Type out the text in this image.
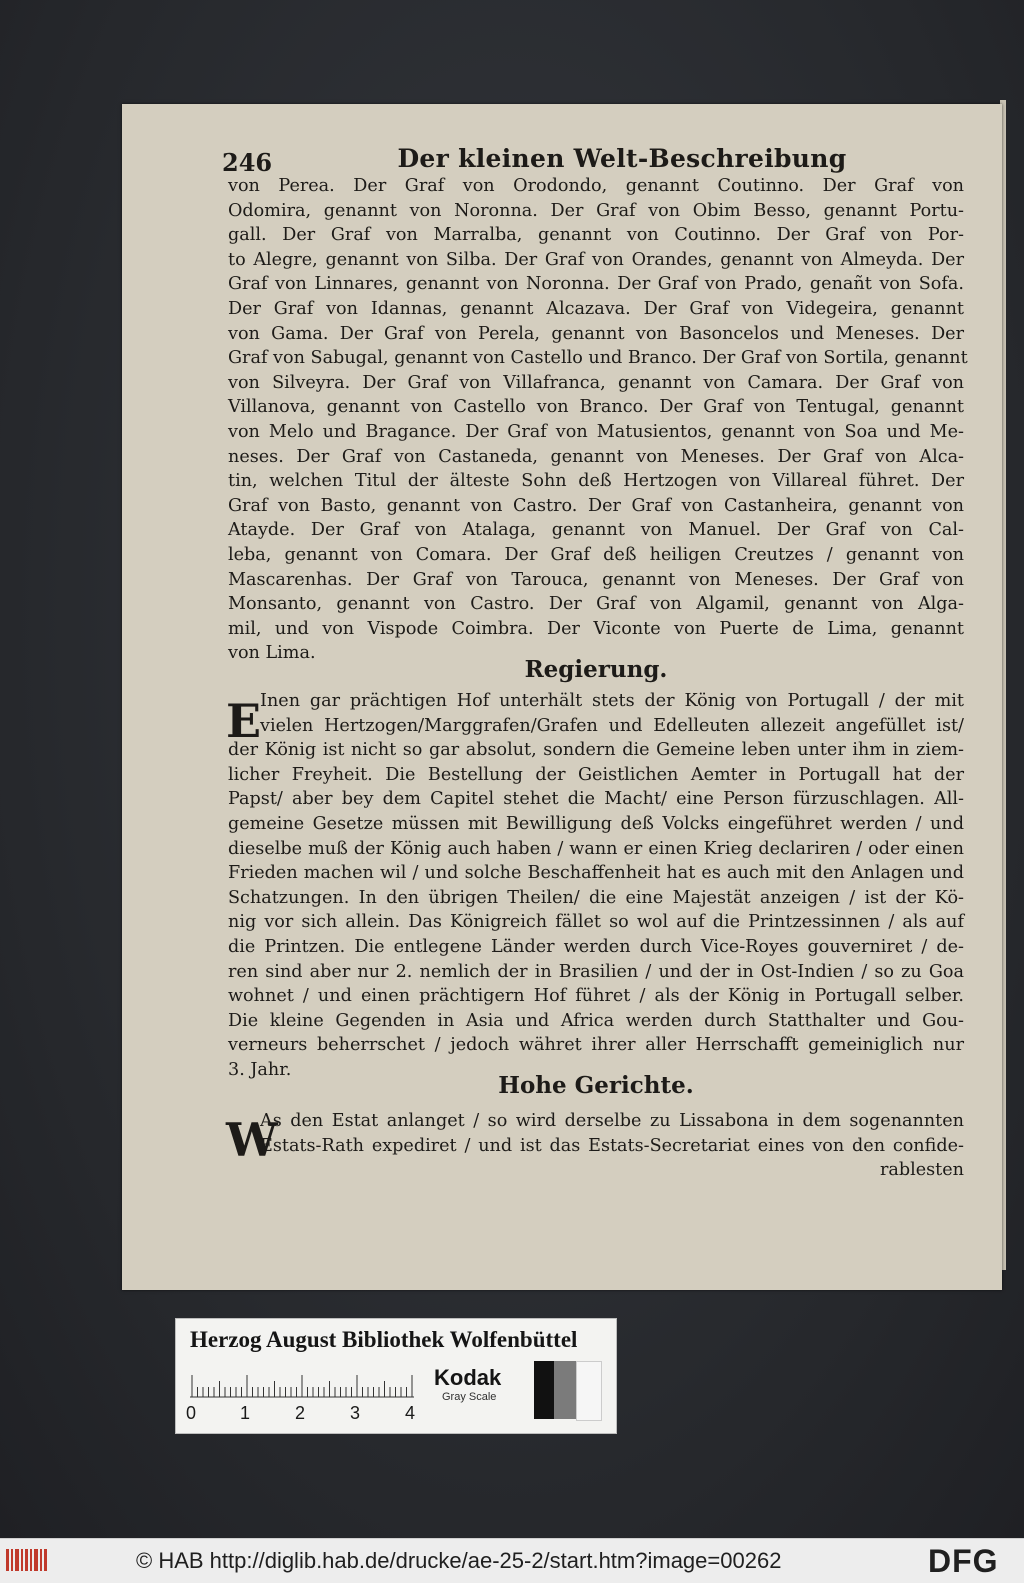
246	Der kleinen Welt-Beschreibung
von Perea. Der Graf von Orodondo, genannt Coutinno. Der Graf von
Odomira, genannt von Noronna. Der Graf von Obim Besso, genannt Portu-
gall. Der Graf von Marralba, genannt von Coutinno. Der Graf von Por-
to Alegre, genannt von Silba. Der Graf von Orandes, genannt von Almeyda. Der
Graf von Linnares, genannt von Noronna. Der Graf von Prado, genañt von Sofa.
Der Graf von Idannas, genannt Alcazava. Der Graf von Videgeira, genannt
von Gama. Der Graf von Perela, genannt von Basoncelos und Meneses. Der
Graf von Sabugal, genannt von Castello und Branco. Der Graf von Sortila, genannt
von Silveyra. Der Graf von Villafranca, genannt von Camara. Der Graf von
Villanova, genannt von Castello von Branco. Der Graf von Tentugal, genannt
von Melo und Bragance. Der Graf von Matusientos, genannt von Soa und Me-
neses. Der Graf von Castaneda, genannt von Meneses. Der Graf von Alca-
tin, welchen Titul der älteste Sohn deß Hertzogen von Villareal führet. Der
Graf von Basto, genannt von Castro. Der Graf von Castanheira, genannt von
Atayde. Der Graf von Atalaga, genannt von Manuel. Der Graf von Cal-
leba, genannt von Comara. Der Graf deß heiligen Creutzes / genannt von
Mascarenhas. Der Graf von Tarouca, genannt von Meneses. Der Graf von
Monsanto, genannt von Castro. Der Graf von Algamil, genannt von Alga-
mil, und von Vispode Coimbra. Der Viconte von Puerte de Lima, genannt
von Lima.
Regierung.
E
Inen gar prächtigen Hof unterhält stets der König von Portugall / der mit
vielen Hertzogen/Marggrafen/Grafen und Edelleuten allezeit angefüllet ist/
der König ist nicht so gar absolut, sondern die Gemeine leben unter ihm in ziem-
licher Freyheit. Die Bestellung der Geistlichen Aemter in Portugall hat der
Papst/ aber bey dem Capitel stehet die Macht/ eine Person fürzuschlagen. All-
gemeine Gesetze müssen mit Bewilligung deß Volcks eingeführet werden / und
dieselbe muß der König auch haben / wann er einen Krieg declariren / oder einen
Frieden machen wil / und solche Beschaffenheit hat es auch mit den Anlagen und
Schatzungen. In den übrigen Theilen/ die eine Majestät anzeigen / ist der Kö-
nig vor sich allein. Das Königreich fället so wol auf die Printzessinnen / als auf
die Printzen. Die entlegene Länder werden durch Vice-Royes gouverniret / de-
ren sind aber nur 2. nemlich der in Brasilien / und der in Ost-Indien / so zu Goa
wohnet / und einen prächtigern Hof führet / als der König in Portugall selber.
Die kleine Gegenden in Asia und Africa werden durch Statthalter und Gou-
verneurs beherrschet / jedoch währet ihrer aller Herrschafft gemeiniglich nur
3. Jahr.
Hohe Gerichte.
W
As den Estat anlanget / so wird derselbe zu Lissabona in dem sogenannten
Estats-Rath expediret / und ist das Estats-Secretariat eines von den confide-
rablesten
Herzog August Bibliothek Wolfenbüttel
0 1 2 3 4
Kodak
Gray Scale
© HAB http://diglib.hab.de/drucke/ae-25-2/start.htm?image=00262	DFG
